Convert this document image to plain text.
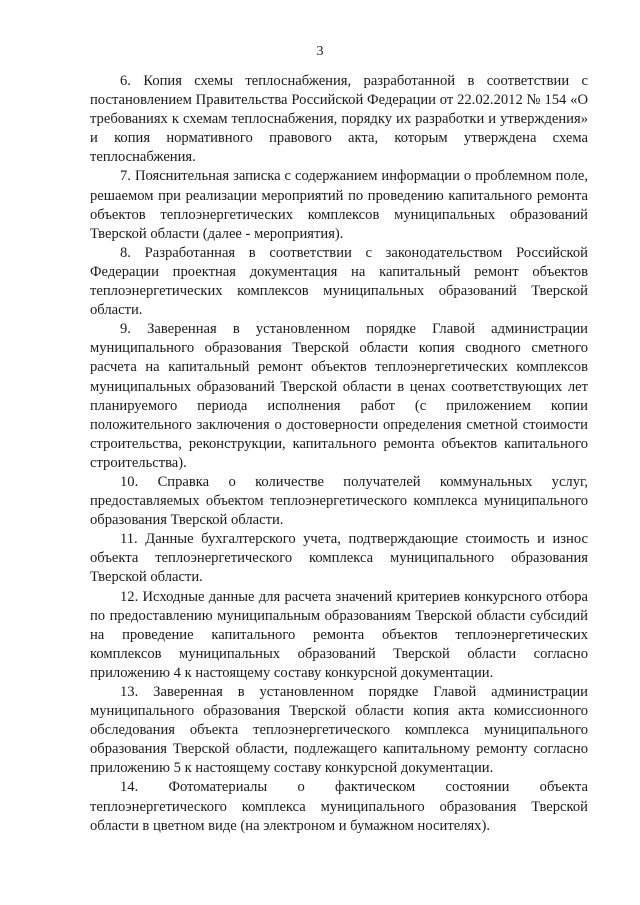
3

6. Копия схемы теплоснабжения, разработанной в соответствии с постановлением Правительства Российской Федерации от 22.02.2012 № 154 «О требованиях к схемам теплоснабжения, порядку их разработки и утверждения» и копия нормативного правового акта, которым утверждена схема теплоснабжения.

7. Пояснительная записка с содержанием информации о проблемном поле, решаемом при реализации мероприятий по проведению капитального ремонта объектов теплоэнергетических комплексов муниципальных образований Тверской области (далее - мероприятия).

8. Разработанная в соответствии с законодательством Российской Федерации проектная документация на капитальный ремонт объектов теплоэнергетических комплексов муниципальных образований Тверской области.

9. Заверенная в установленном порядке Главой администрации муниципального образования Тверской области копия сводного сметного расчета на капитальный ремонт объектов теплоэнергетических комплексов муниципальных образований Тверской области в ценах соответствующих лет планируемого периода исполнения работ (с приложением копии положительного заключения о достоверности определения сметной стоимости строительства, реконструкции, капитального ремонта объектов капитального строительства).

10. Справка о количестве получателей коммунальных услуг, предоставляемых объектом теплоэнергетического комплекса муниципального образования Тверской области.

11. Данные бухгалтерского учета, подтверждающие стоимость и износ объекта теплоэнергетического комплекса муниципального образования Тверской области.

12. Исходные данные для расчета значений критериев конкурсного отбора по предоставлению муниципальным образованиям Тверской области субсидий на проведение капитального ремонта объектов теплоэнергетических комплексов муниципальных образований Тверской области согласно приложению 4 к настоящему составу конкурсной документации.

13. Заверенная в установленном порядке Главой администрации муниципального образования Тверской области копия акта комиссионного обследования объекта теплоэнергетического комплекса муниципального образования Тверской области, подлежащего капитальному ремонту согласно приложению 5 к настоящему составу конкурсной документации.

14. Фотоматериалы о фактическом состоянии объекта теплоэнергетического комплекса муниципального образования Тверской области в цветном виде (на электроном и бумажном носителях).
